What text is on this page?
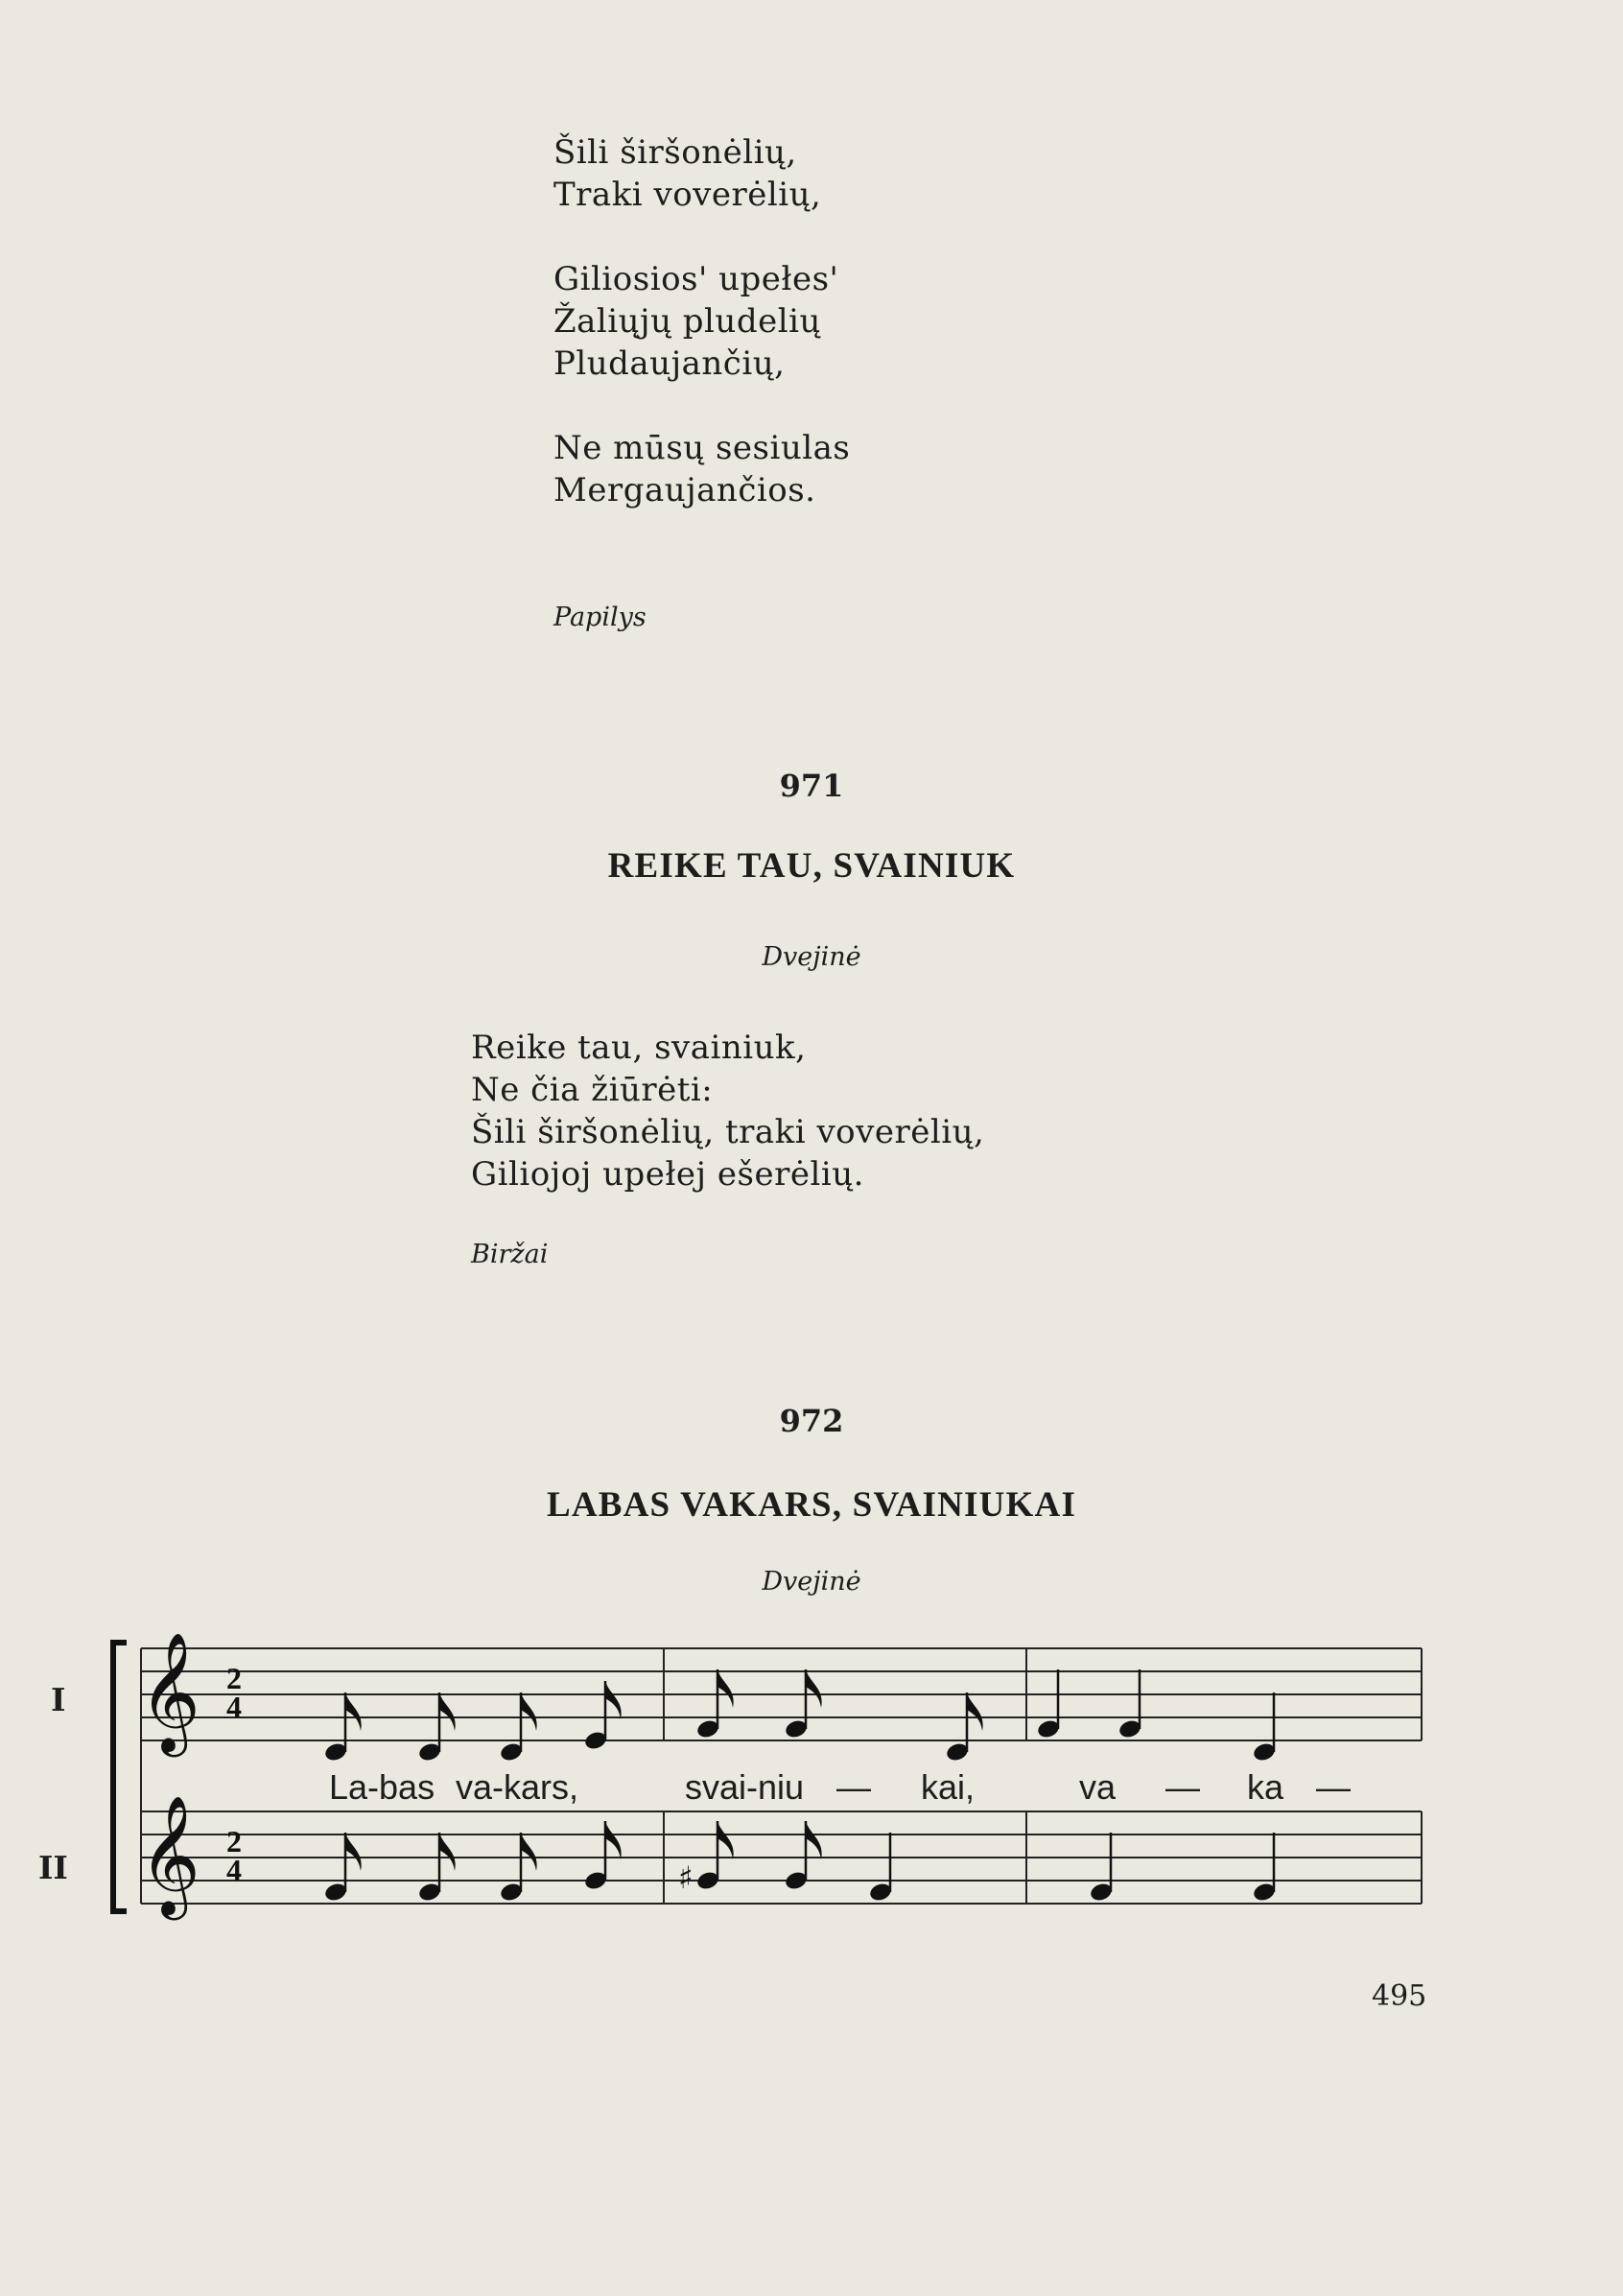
Šili širšonėlių,
Traki voverėlių,

Giliosios' upełes'
Žaliųjų pludelių
Pludaujančių,

Ne mūsų sesiulas
Mergaujančios.
Papilys
971
REIKE TAU, SVAINIUK
Dvejinė
Reike tau, svainiuk,
Ne čia žiūrėti:
Šili širšonėlių, traki voverėlių,
Giliojoj upełej ešerėlių.
Biržai
972
LABAS VAKARS, SVAINIUKAI
Dvejinė
I
II
𝄞
𝄞
2
4
2
4	♯
La-bas va-kars,	svai-niu — kai,	va — ka —
495
